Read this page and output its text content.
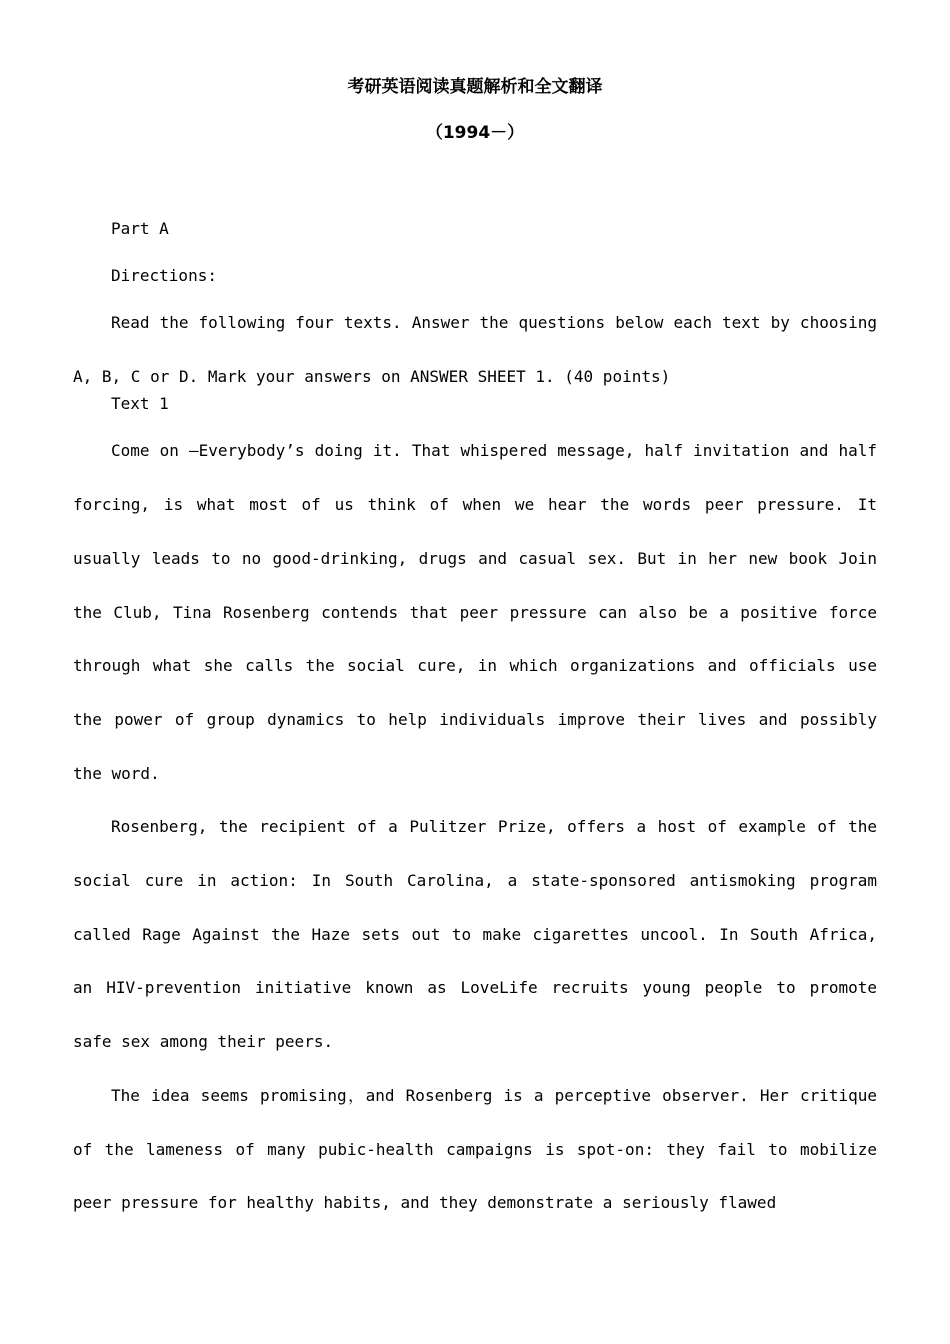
考研英语阅读真题解析和全文翻译
（1994－）

Part A

Directions:

Read the following four texts. Answer the questions below each text by choosing A, B, C or D. Mark your answers on ANSWER SHEET 1. (40 points)

Text 1

Come on –Everybody’s doing it. That whispered message, half invitation and half forcing, is what most of us think of when we hear the words peer pressure. It usually leads to no good-drinking, drugs and casual sex. But in her new book Join the Club, Tina Rosenberg contends that peer pressure can also be a positive force through what she calls the social cure, in which organizations and officials use the power of group dynamics to help individuals improve their lives and possibly the word.

Rosenberg, the recipient of a Pulitzer Prize, offers a host of example of the social cure in action: In South Carolina, a state-sponsored antismoking program called Rage Against the Haze sets out to make cigarettes uncool. In South Africa, an HIV-prevention initiative known as LoveLife recruits young people to promote safe sex among their peers.

The idea seems promising，and Rosenberg is a perceptive observer. Her critique of the lameness of many pubic-health campaigns is spot-on: they fail to mobilize peer pressure for healthy habits, and they demonstrate a seriously flawed
